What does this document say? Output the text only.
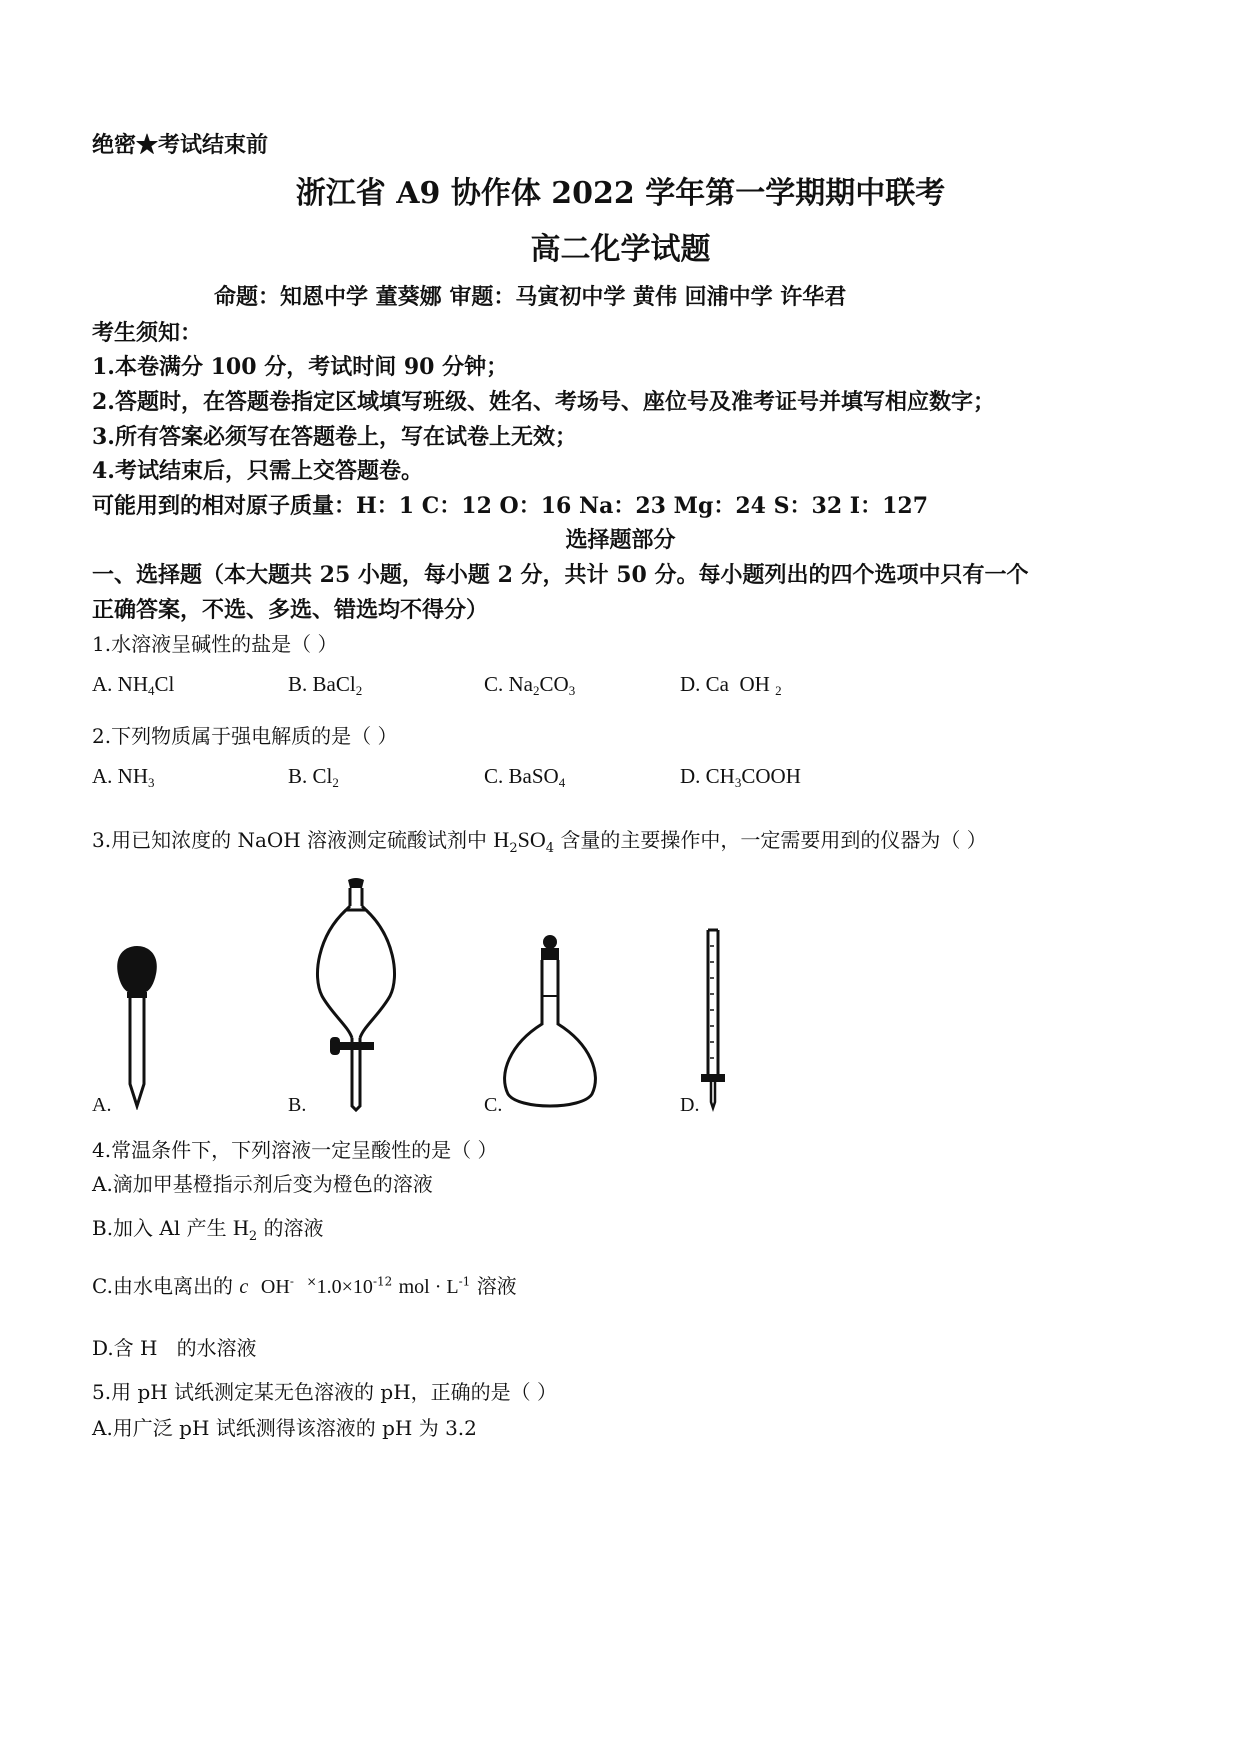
绝密★考试结束前
浙江省 A9 协作体 2022 学年第一学期期中联考
高二化学试题
命题：知恩中学 董葵娜 审题：马寅初中学 黄伟 回浦中学 许华君
考生须知：
1.本卷满分 100 分，考试时间 90 分钟；
2.答题时，在答题卷指定区域填写班级、姓名、考场号、座位号及准考证号并填写相应数字；
3.所有答案必须写在答题卷上，写在试卷上无效；
4.考试结束后，只需上交答题卷。
可能用到的相对原子质量：H：1 C：12 O：16 Na：23 Mg：24 S：32 I：127
选择题部分
一、选择题（本大题共 25 小题，每小题 2 分，共计 50 分。每小题列出的四个选项中只有一个
正确答案，不选、多选、错选均不得分）
1.水溶液呈碱性的盐是（ ）
A. $NH_4Cl$	B. BaCl$_2$	C. $Na_2CO_3$	D. Ca OH $_2$
2.下列物质属于强电解质的是（ ）
A. $NH_3$	B. $Cl_2$	C. BaSO$_4$	D. $CH_3COOH$
3.用已知浓度的 NaOH 溶液测定硫酸试剂中 $H_2SO_4$ 含量的主要操作中，一定需要用到的仪器为（ ）
A.	B.	C.	D.
4.常温条件下，下列溶液一定呈酸性的是（ ）
A.滴加甲基橙指示剂后变为橙色的溶液
B.加入 Al 产生 $H_2$ 的溶液
C.由水电离出的 c OH- $^\times 1.0\times 10^{-12}$ mol · $L^{-1}$ 溶液
D.含 H 的水溶液
5.用 pH 试纸测定某无色溶液的 pH，正确的是（ ）
A.用广泛 pH 试纸测得该溶液的 pH 为 3.2
